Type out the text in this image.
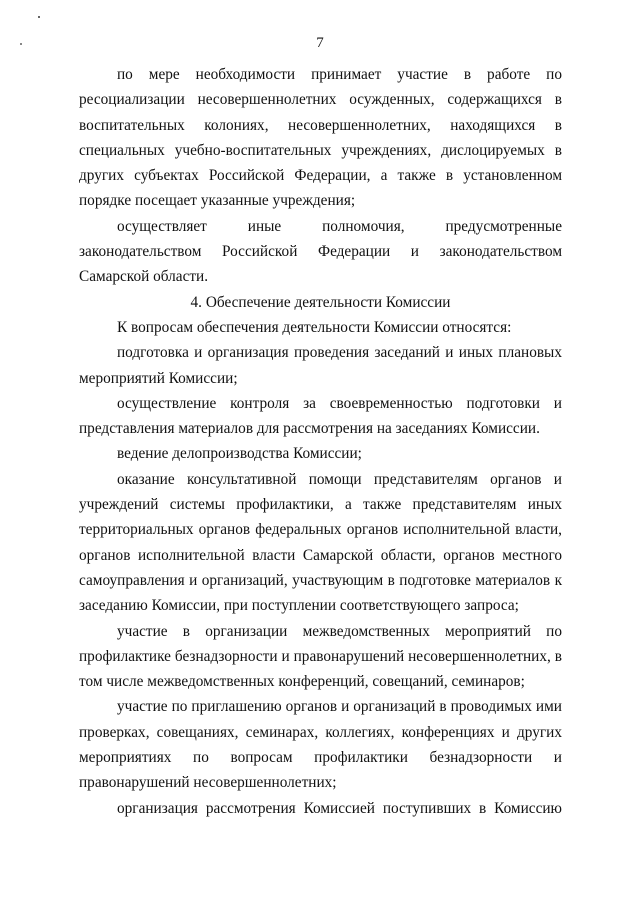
7

по мере необходимости принимает участие в работе по ресоциализации несовершеннолетних осужденных, содержащихся в воспитательных колониях, несовершеннолетних, находящихся в специальных учебно-воспитательных учреждениях, дислоцируемых в других субъектах Российской Федерации, а также в установленном порядке посещает указанные учреждения;

осуществляет иные полномочия, предусмотренные законодательством Российской Федерации и законодательством Самарской области.

4. Обеспечение деятельности Комиссии

К вопросам обеспечения деятельности Комиссии относятся:

подготовка и организация проведения заседаний и иных плановых мероприятий Комиссии;

осуществление контроля за своевременностью подготовки и представления материалов для рассмотрения на заседаниях Комиссии.

ведение делопроизводства Комиссии;

оказание консультативной помощи представителям органов и учреждений системы профилактики, а также представителям иных территориальных органов федеральных органов исполнительной власти, органов исполнительной власти Самарской области, органов местного самоуправления и организаций, участвующим в подготовке материалов к заседанию Комиссии, при поступлении соответствующего запроса;

участие в организации межведомственных мероприятий по профилактике безнадзорности и правонарушений несовершеннолетних, в том числе межведомственных конференций, совещаний, семинаров;

участие по приглашению органов и организаций в проводимых ими проверках, совещаниях, семинарах, коллегиях, конференциях и других мероприятиях по вопросам профилактики безнадзорности и правонарушений несовершеннолетних;

организация рассмотрения Комиссией поступивших в Комиссию
